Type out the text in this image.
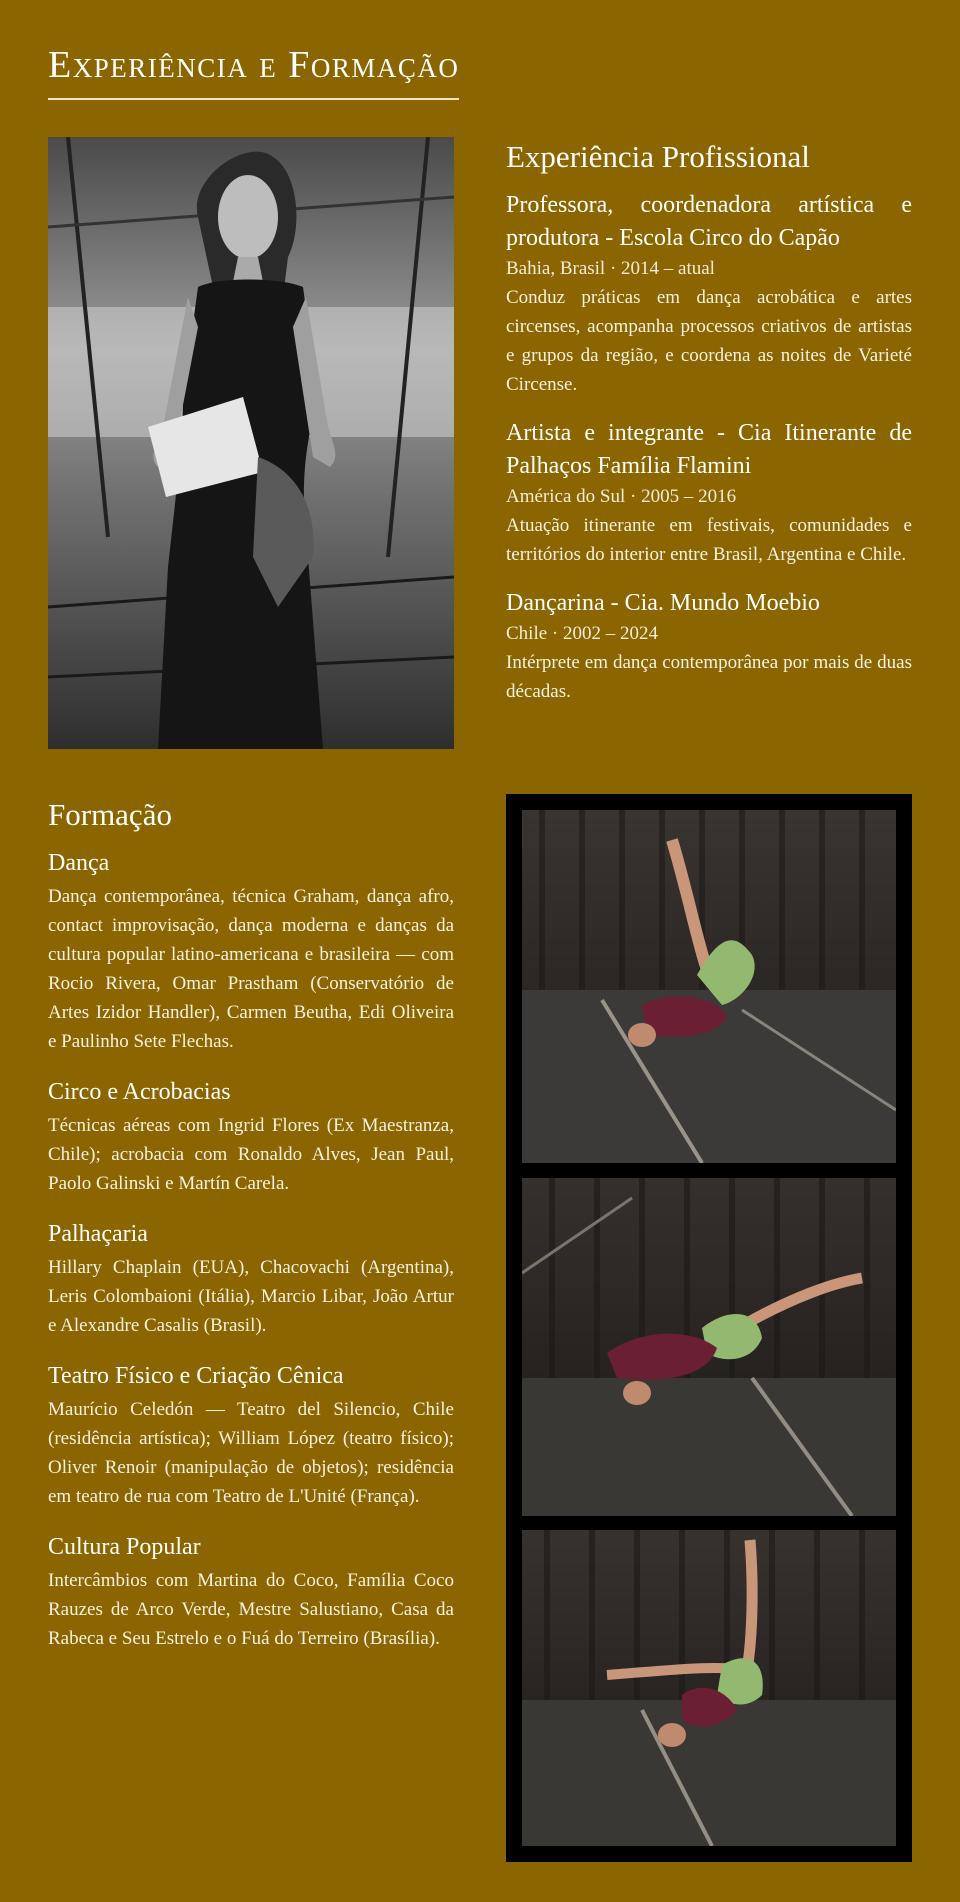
Experiência e Formação
Experiência Profissional
Professora, coordenadora artística e produtora - Escola Circo do Capão
Bahia, Brasil · 2014 – atual
Conduz práticas em dança acrobática e artes circenses, acompanha processos criativos de artistas e grupos da região, e coordena as noites de Varieté Circense.
Artista e integrante - Cia Itinerante de Palhaços Família Flamini
América do Sul · 2005 – 2016
Atuação itinerante em festivais, comunidades e territórios do interior entre Brasil, Argentina e Chile.
Dançarina - Cia. Mundo Moebio
Chile · 2002 – 2024
Intérprete em dança contemporânea por mais de duas décadas.
Formação
Dança
Dança contemporânea, técnica Graham, dança afro, contact improvisação, dança moderna e danças da cultura popular latino-americana e brasileira — com Rocio Rivera, Omar Prastham (Conservatório de Artes Izidor Handler), Carmen Beutha, Edi Oliveira e Paulinho Sete Flechas.
Circo e Acrobacias
Técnicas aéreas com Ingrid Flores (Ex Maestranza, Chile); acrobacia com Ronaldo Alves, Jean Paul, Paolo Galinski e Martín Carela.
Palhaçaria
Hillary Chaplain (EUA), Chacovachi (Argentina), Leris Colombaioni (Itália), Marcio Libar, João Artur e Alexandre Casalis (Brasil).
Teatro Físico e Criação Cênica
Maurício Celedón — Teatro del Silencio, Chile (residência artística); William López (teatro físico); Oliver Renoir (manipulação de objetos); residência em teatro de rua com Teatro de L'Unité (França).
Cultura Popular
Intercâmbios com Martina do Coco, Família Coco Rauzes de Arco Verde, Mestre Salustiano, Casa da Rabeca e Seu Estrelo e o Fuá do Terreiro (Brasília).
